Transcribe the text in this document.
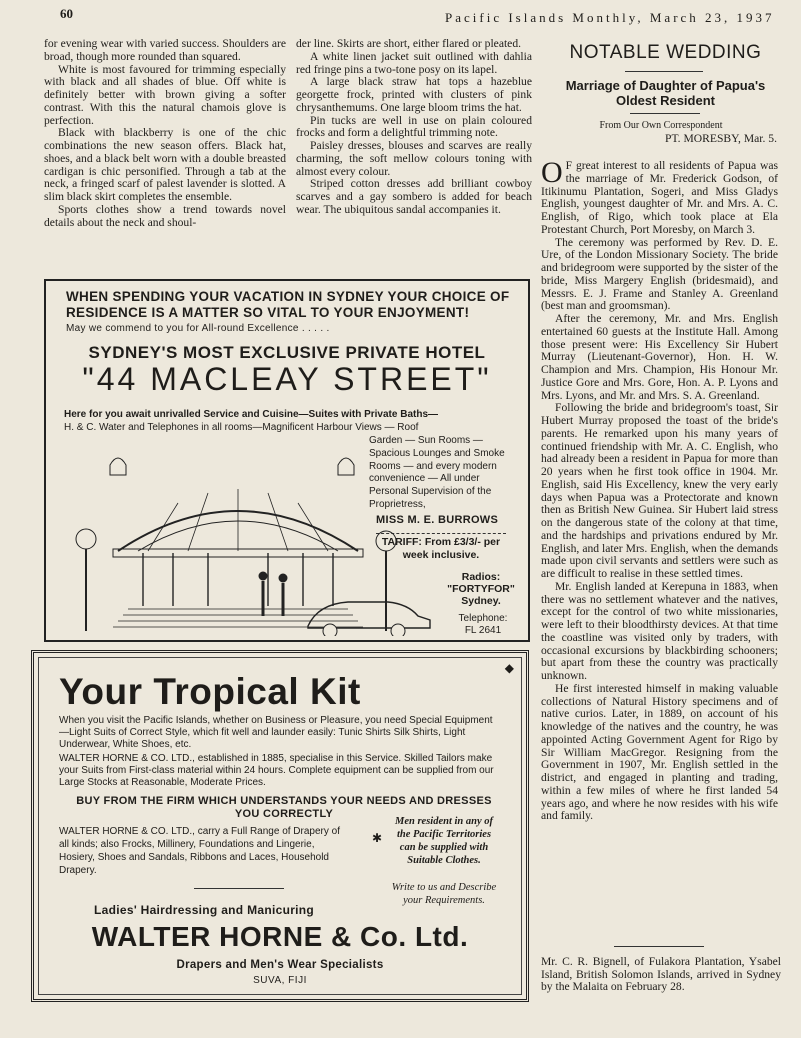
60	Pacific Islands Monthly, March 23, 1937

for evening wear with varied success. Shoulders are broad, though more rounded than squared.

White is most favoured for trimming especially with black and all shades of blue. Off white is definitely better with brown giving a softer contrast. With this the natural chamois glove is perfection.

Black with blackberry is one of the chic combinations the new season offers. Black hat, shoes, and a black belt worn with a double breasted cardigan is chic personified. Through a tab at the neck, a fringed scarf of palest lavender is slotted. A slim black skirt completes the ensemble.

Sports clothes show a trend towards novel details about the neck and shoul-

der line. Skirts are short, either flared or pleated.

A white linen jacket suit outlined with dahlia red fringe pins a two-tone posy on its lapel.

A large black straw hat tops a hazeblue georgette frock, printed with clusters of pink chrysanthemums. One large bloom trims the hat.

Pin tucks are well in use on plain coloured frocks and form a delightful trimming note.

Paisley dresses, blouses and scarves are really charming, the soft mellow colours toning with almost every colour.

Striped cotton dresses add brilliant cowboy scarves and a gay sombero is added for beach wear. The ubiquitous sandal accompanies it.

NOTABLE WEDDING
Marriage of Daughter of Papua's Oldest Resident
From Our Own Correspondent
PT. MORESBY, Mar. 5.

O F great interest to all residents of Papua was the marriage of Mr. Frederick Godson, of Itikinumu Plantation, Sogeri, and Miss Gladys English, youngest daughter of Mr. and Mrs. A. C. English, of Rigo, which took place at Ela Protestant Church, Port Moresby, on March 3.

The ceremony was performed by Rev. D. E. Ure, of the London Missionary Society. The bride and bridegroom were supported by the sister of the bride, Miss Margery English (bridesmaid), and Messrs. E. J. Frame and Stanley A. Greenland (best man and groomsman).

After the ceremony, Mr. and Mrs. English entertained 60 guests at the Institute Hall. Among those present were: His Excellency Sir Hubert Murray (Lieutenant-Governor), Hon. H. W. Champion and Mrs. Champion, His Honour Mr. Justice Gore and Mrs. Gore, Hon. A. P. Lyons and Mrs. Lyons, and Mr. and Mrs. S. A. Greenland.

Following the bride and bridegroom's toast, Sir Hubert Murray proposed the toast of the bride's parents. He remarked upon his many years of continued friendship with Mr. A. C. English, who had already been a resident in Papua for more than 20 years when he first took office in 1904. Mr. English, said His Excellency, knew the very early days when Papua was a Protectorate and known then as British New Guinea. Sir Hubert laid stress on the dangerous state of the colony at that time, and the hardships and privations endured by Mr. English, and later Mrs. English, when the demands made upon civil servants and settlers were such as are difficult to realise in these settled times.

Mr. English landed at Kerepuna in 1883, when there was no settlement whatever and the natives, except for the control of two white missionaries, were left to their bloodthirsty devices. At that time the coastline was visited only by traders, with occasional excursions by blackbirding schooners; but apart from these the country was practically unknown.

He first interested himself in making valuable collections of Natural History specimens and of native curios. Later, in 1889, on account of his knowledge of the natives and the country, he was appointed Acting Government Agent for Rigo by Sir William MacGregor. Resigning from the Government in 1907, Mr. English settled in the district, and engaged in planting and trading, within a few miles of where he first landed 54 years ago, and where he now resides with his wife and family.

Mr. C. R. Bignell, of Fulakora Plantation, Ysabel Island, British Solomon Islands, arrived in Sydney by the Malaita on February 28.
WHEN SPENDING YOUR VACATION IN SYDNEY YOUR CHOICE OF RESIDENCE IS A MATTER SO VITAL TO YOUR ENJOYMENT!
May we commend to you for All-round Excellence . . . . .
SYDNEY'S MOST EXCLUSIVE PRIVATE HOTEL
"44 MACLEAY STREET"
Here for you await unrivalled Service and Cuisine—Suites with Private Baths—
H. & C. Water and Telephones in all rooms—Magnificent Harbour Views — Roof
Garden — Sun Rooms — Spacious Lounges and Smoke Rooms — and every modern convenience — All under Personal Supervision of the Proprietress,
MISS M. E. BURROWS
TARIFF: From £3/3/- per week inclusive.
Radios:
"FORTYFOR"
Sydney.
Telephone:
FL 2641
◆
Your Tropical Kit
When you visit the Pacific Islands, whether on Business or Pleasure, you need Special Equipment—Light Suits of Correct Style, which fit well and launder easily: Tunic Shirts Silk Shirts, Light Underwear, White Shoes, etc.
WALTER HORNE & CO. LTD., established in 1885, specialise in this Service. Skilled Tailors make your Suits from First-class material within 24 hours. Complete equipment can be supplied from our Large Stocks at Reasonable, Moderate Prices.
BUY FROM THE FIRM WHICH UNDERSTANDS YOUR NEEDS AND DRESSES YOU CORRECTLY
WALTER HORNE & CO. LTD., carry a Full Range of Drapery of all kinds; also Frocks, Millinery, Foundations and Lingerie, Hosiery, Shoes and Sandals, Ribbons and Laces, Household Drapery.
✱
Men resident in any of the Pacific Territories can be supplied with Suitable Clothes.
Write to us and Describe your Requirements.
Ladies' Hairdressing and Manicuring
WALTER HORNE & Co. Ltd.
Drapers and Men's Wear Specialists
SUVA, FIJI
